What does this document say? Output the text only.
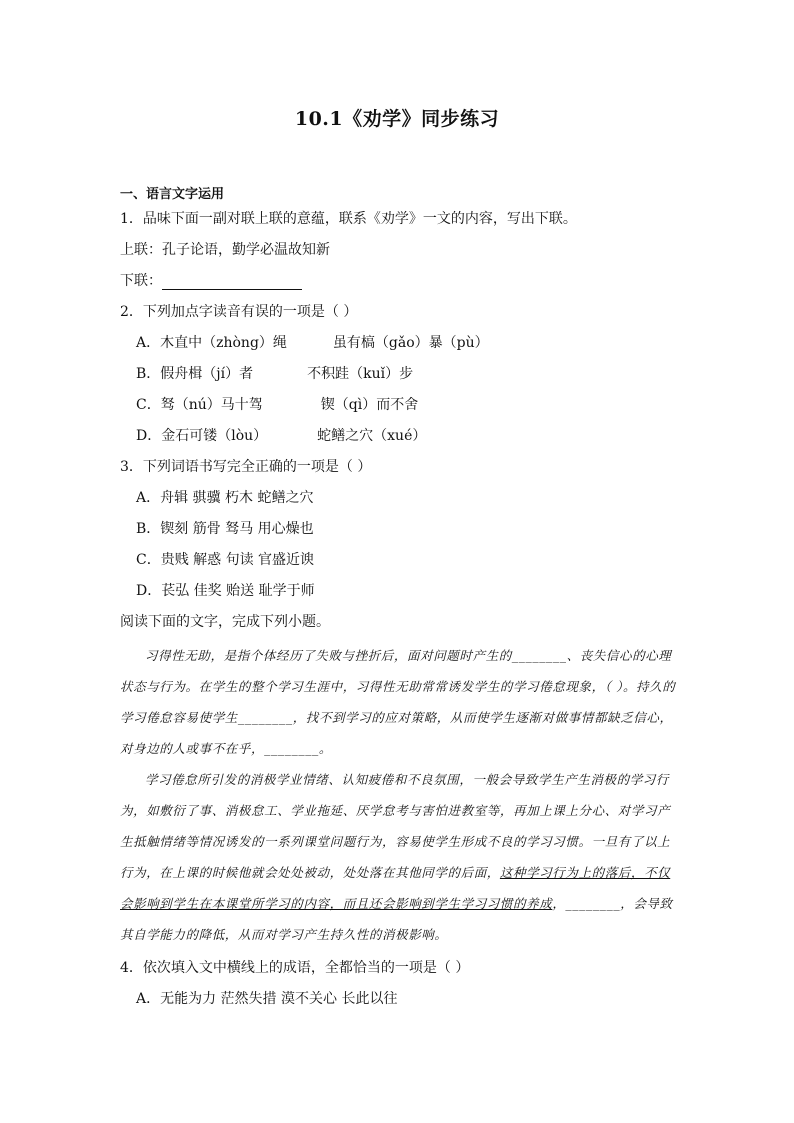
10.1《劝学》同步练习
一、语言文字运用
1．品味下面一副对联上联的意蕴，联系《劝学》一文的内容，写出下联。
上联：孔子论语，勤学必温故知新
下联：
2．下列加点字读音有误的一项是（ ）
A．木直中（zhòng）绳	虽有槁（gǎo）暴（pù）
B．假舟楫（jí）者	不积跬（kuǐ）步
C．驽（nú）马十驾	锲（qì）而不舍
D．金石可镂（lòu）	蛇鳝之穴（xué）
3．下列词语书写完全正确的一项是（ ）
A．舟辑 骐骥 朽木 蛇鳝之穴
B．锲刻 筋骨 驽马 用心燥也
C．贵贱 解惑 句读 官盛近谀
D．苌弘 佳奖 贻送 耻学于师
阅读下面的文字，完成下列小题。
习得性无助，是指个体经历了失败与挫折后，面对问题时产生的________、丧失信心的心理状态与行为。在学生的整个学习生涯中，习得性无助常常诱发学生的学习倦怠现象，（ ）。持久的学习倦怠容易使学生________，找不到学习的应对策略，从而使学生逐渐对做事情都缺乏信心，对身边的人或事不在乎，________。
学习倦怠所引发的消极学业情绪、认知疲倦和不良氛围，一般会导致学生产生消极的学习行为，如敷衍了事、消极怠工、学业拖延、厌学怠考与害怕进教室等，再加上课上分心、对学习产生抵触情绪等情况诱发的一系列课堂问题行为，容易使学生形成不良的学习习惯。一旦有了以上行为，在上课的时候他就会处处被动，处处落在其他同学的后面，这种学习行为上的落后，不仅会影响到学生在本课堂所学习的内容，而且还会影响到学生学习习惯的养成，________，会导致其自学能力的降低，从而对学习产生持久性的消极影响。
4．依次填入文中横线上的成语，全都恰当的一项是（ ）
A．无能为力 茫然失措 漠不关心 长此以往
